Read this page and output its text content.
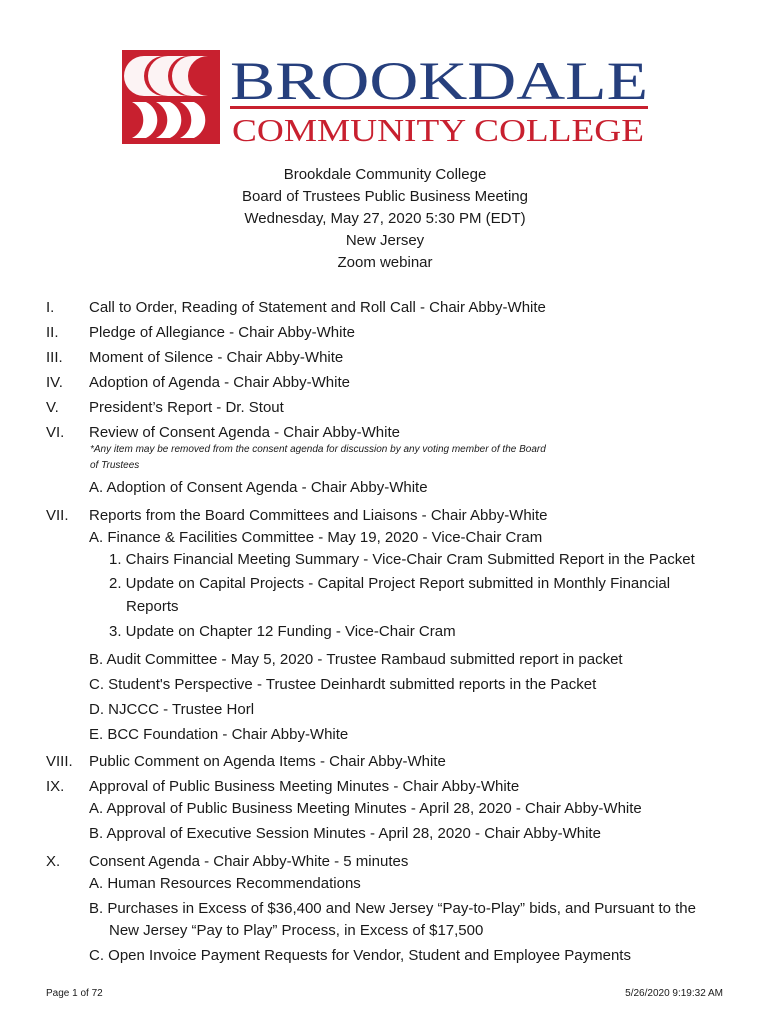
BROOKDALE
COMMUNITY COLLEGE
Brookdale Community College
Board of Trustees Public Business Meeting
Wednesday, May 27, 2020 5:30 PM (EDT)
New Jersey
Zoom webinar
I. Call to Order, Reading of Statement and Roll Call - Chair Abby-White
II. Pledge of Allegiance - Chair Abby-White
III. Moment of Silence - Chair Abby-White
IV. Adoption of Agenda - Chair Abby-White
V. President’s Report - Dr. Stout
VI. Review of Consent Agenda - Chair Abby-White
*Any item may be removed from the consent agenda for discussion by any voting member of the Board
of Trustees
A. Adoption of Consent Agenda - Chair Abby-White
VII. Reports from the Board Committees and Liaisons - Chair Abby-White
A. Finance & Facilities Committee - May 19, 2020 - Vice-Chair Cram
1. Chairs Financial Meeting Summary - Vice-Chair Cram Submitted Report in the Packet
2. Update on Capital Projects - Capital Project Report submitted in Monthly Financial
Reports
3. Update on Chapter 12 Funding - Vice-Chair Cram
B. Audit Committee - May 5, 2020 - Trustee Rambaud submitted report in packet
C. Student's Perspective - Trustee Deinhardt submitted reports in the Packet
D. NJCCC - Trustee Horl
E. BCC Foundation - Chair Abby-White
VIII. Public Comment on Agenda Items - Chair Abby-White
IX. Approval of Public Business Meeting Minutes - Chair Abby-White
A. Approval of Public Business Meeting Minutes - April 28, 2020 - Chair Abby-White
B. Approval of Executive Session Minutes - April 28, 2020 - Chair Abby-White
X. Consent Agenda - Chair Abby-White - 5 minutes
A. Human Resources Recommendations
B. Purchases in Excess of $36,400 and New Jersey “Pay-to-Play” bids, and Pursuant to the
New Jersey “Pay to Play” Process, in Excess of $17,500
C. Open Invoice Payment Requests for Vendor, Student and Employee Payments
Page 1 of 72	5/26/2020 9:19:32 AM
